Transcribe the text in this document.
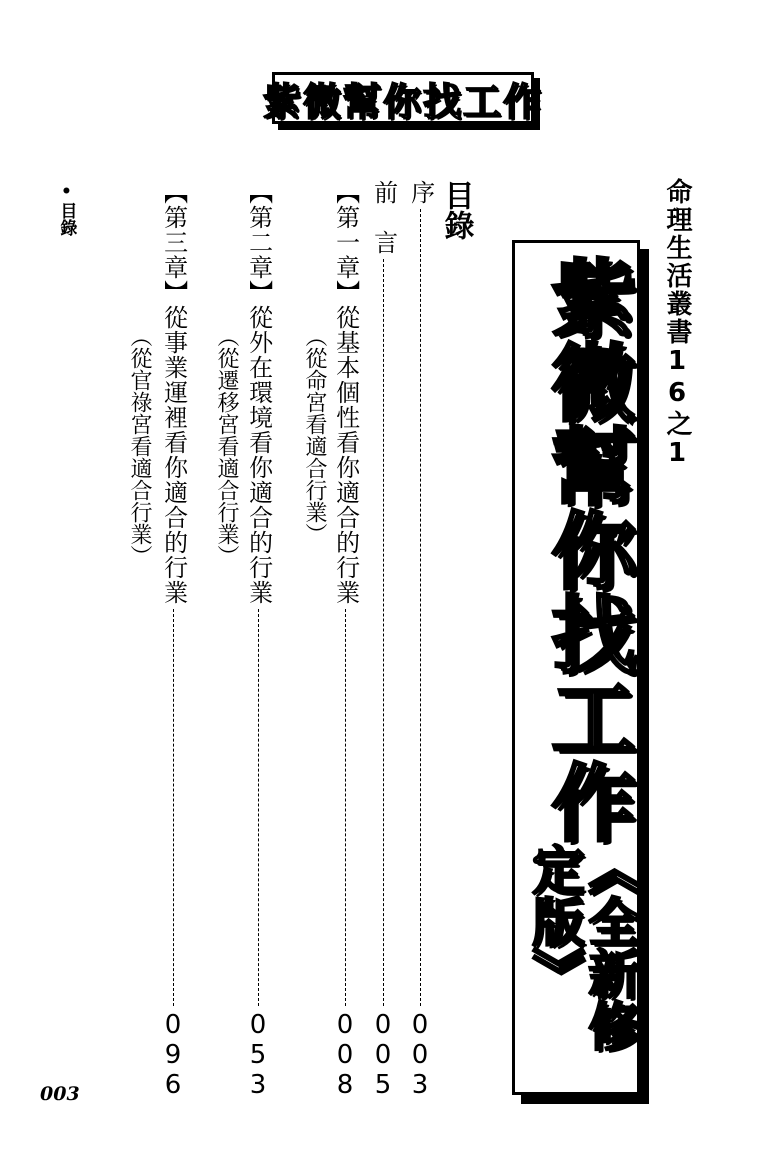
紫微幫你找工作
命理生活叢書16之1
紫微幫你找工作
《全新修定版》
目錄
序
003
前　言
005
【第一章】從基本個性看你適合的行業
008
（從命宮看適合行業）
【第二章】從外在環境看你適合的行業
053
（從遷移宮看適合行業）
【第三章】從事業運裡看你適合的行業
096
（從官祿宮看適合行業）
•目錄
003
